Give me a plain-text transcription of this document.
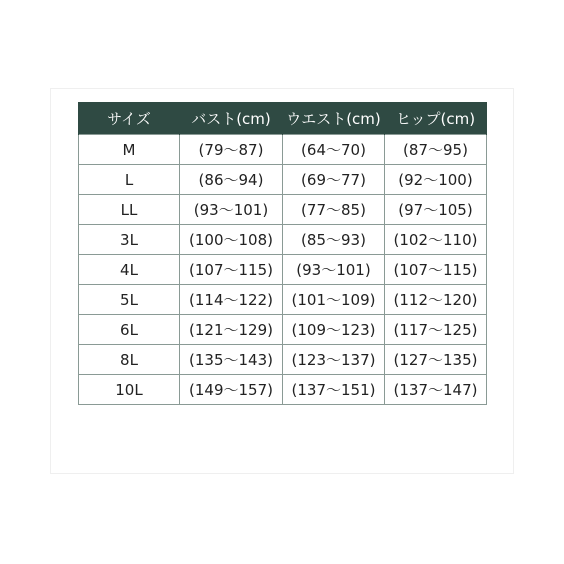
サイズ	バスト(cm)	ウエスト(cm)	ヒップ(cm)
M	(79～87)	(64～70)	(87～95)
L	(86～94)	(69～77)	(92～100)
LL	(93～101)	(77～85)	(97～105)
3L	(100～108)	(85～93)	(102～110)
4L	(107～115)	(93～101)	(107～115)
5L	(114～122)	(101～109)	(112～120)
6L	(121～129)	(109～123)	(117～125)
8L	(135～143)	(123～137)	(127～135)
10L	(149～157)	(137～151)	(137～147)
